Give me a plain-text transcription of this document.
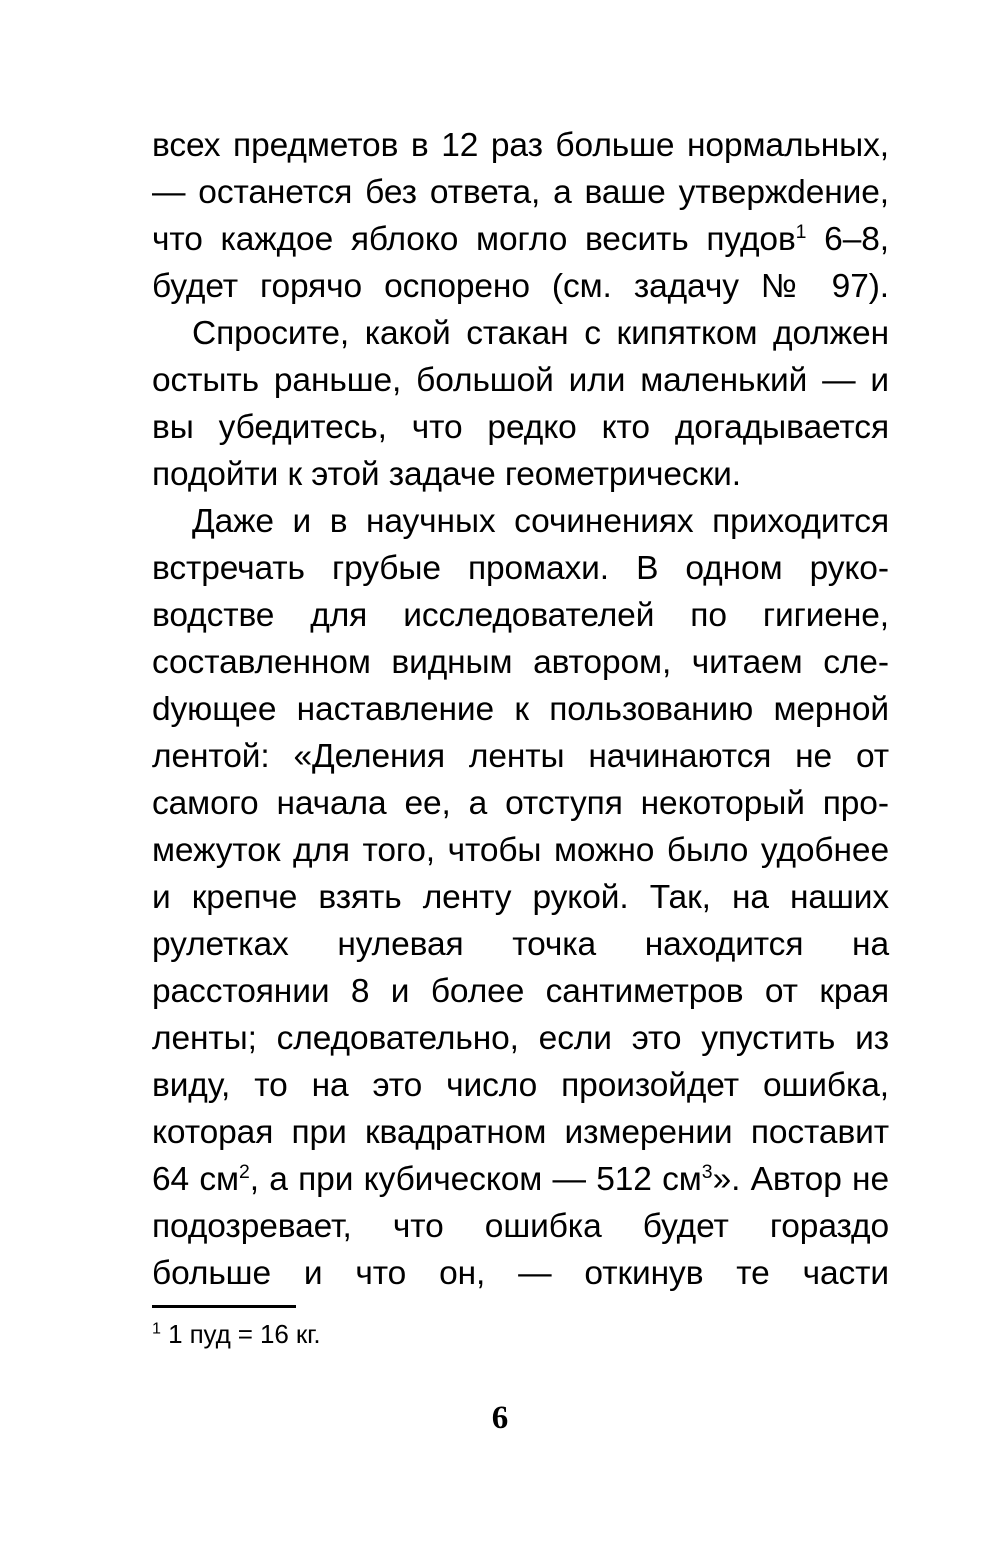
всех предметов в 12 раз больше нормальных, — останется без ответа, а ваше утвержdение, что каждое яблоко могло весить пудов$^1$ 6–8, будет горячо оспорено (см. задачу № 97).

Спросите, какой стакан с кипятком должен остыть раньше, большой или маленький — и вы убедитесь, что редко кто догадывается подойти к этой задаче геометрически.

Даже и в научных сочинениях приходится встречать грубые промахи. В одном руководстве для исследователей по гигиене, составленном видным автором, читаем слеdующее наставление к пользованию мерной лентой: «Деления ленты начинаются не от самого начала ее, а отступя некоторый промежуток для того, чтобы можно было удобнее и крепче взять ленту рукой. Так, на наших рулетках нулевая точка находится на расстоянии 8 и более сантиметров от края ленты; следовательно, если это упустить из виду, то на это число произойдет ошибка, которая при квадратном измерении поставит 64 $см^2$, а при кубическом — 512 $см^3$». Автор не подозревает, что ошибка будет гораздо больше и что он, — откинув те части

$^1$ 1 пуд = 16 кг.

6
